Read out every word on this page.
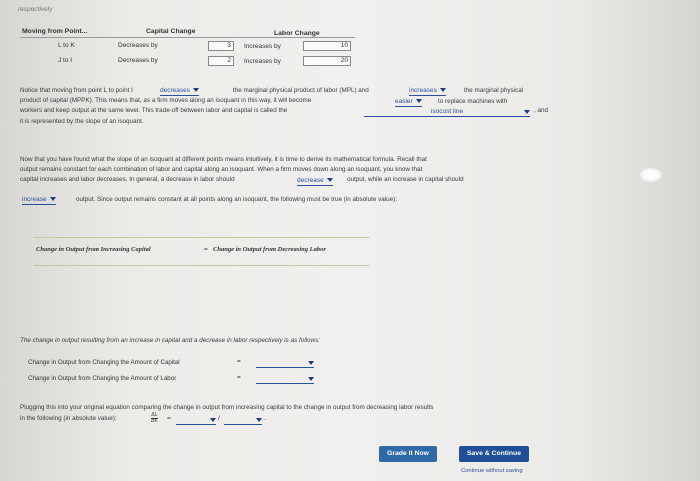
respectively
Moving from Point...	Capital Change	Labor Change
L to K	Decreases by	3	Increases by	10
J to I	Decreases by	2	Increases by	20
Notice that moving from point L to point I	decreases	the marginal physical product of labor (MPL) and	increases	the marginal physical
product of capital (MPPK). This means that, as a firm moves along an isoquant in this way, it will become	easier	to replace machines with
workers and keep output at the same level. This trade-off between labor and capital is called the	isocost line	, and
it is represented by the slope of an isoquant.
Now that you have found what the slope of an isoquant at different points means intuitively, it is time to derive its mathematical formula. Recall that
output remains constant for each combination of labor and capital along an isoquant. When a firm moves down along an isoquant, you know that
capital increases and labor decreases. In general, a decrease in labor should	decrease	output, while an increase in capital should
increase	output. Since output remains constant at all points along an isoquant, the following must be true (in absolute value):
Change in Output from Increasing Capital	= Change in Output from Decreasing Labor
The change in output resulting from an increase in capital and a decrease in labor respectively is as follows:
Change in Output from Changing the Amount of Capital	=
Change in Output from Changing the Amount of Labor	=
Plugging this into your original equation comparing the change in output from increasing capital to the change in output from decreasing labor results
in the following (in absolute value):	$\frac{\Delta L}{\Delta K}$ =	/	.
Grade It Now	Save & Continue
Continue without saving
